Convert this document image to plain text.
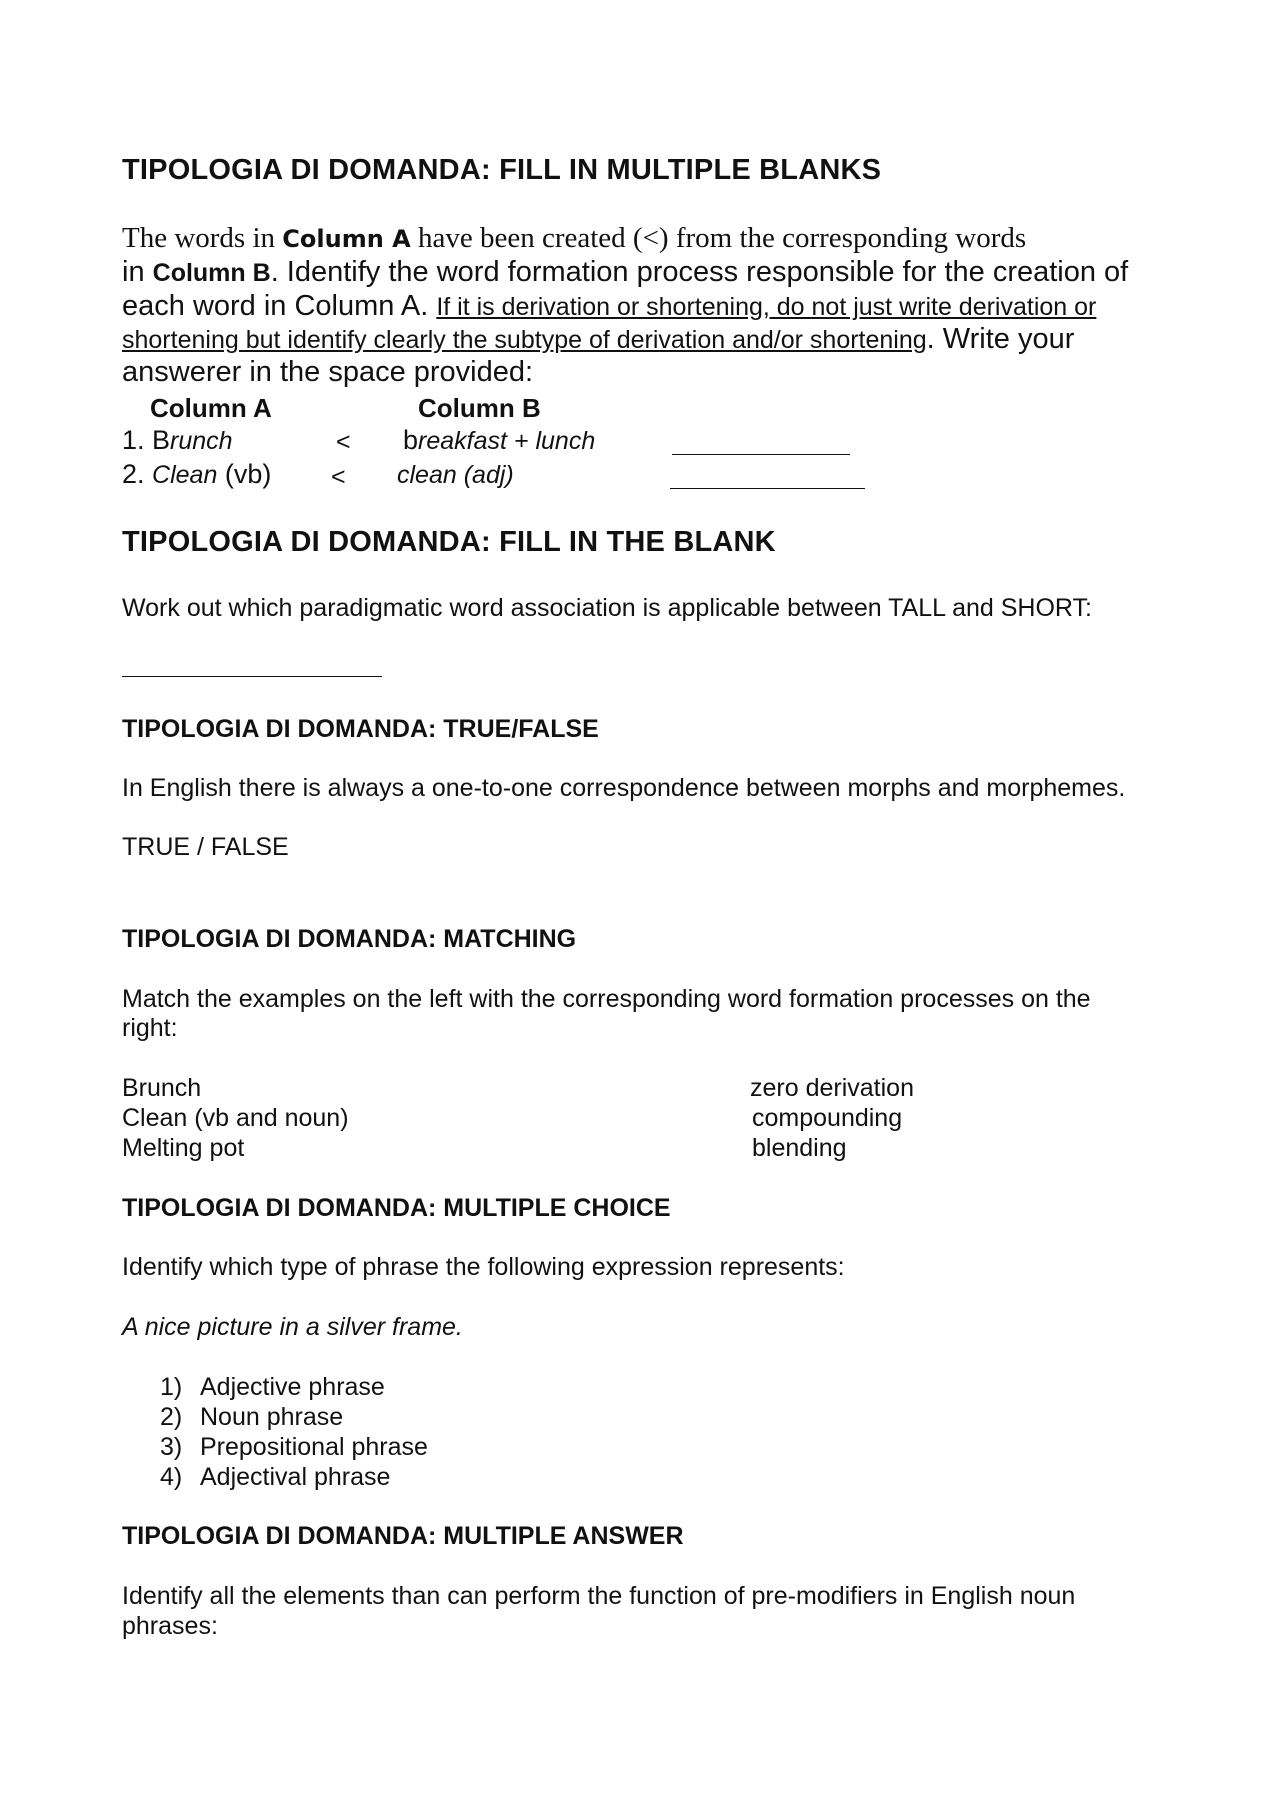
TIPOLOGIA DI DOMANDA: FILL IN MULTIPLE BLANKS
The words in Column A have been created (<) from the corresponding words
in Column B. Identify the word formation process responsible for the creation of
each word in Column A. If it is derivation or shortening, do not just write derivation or
shortening but identify clearly the subtype of derivation and/or shortening. Write your
answerer in the space provided:
Column A	Column B
1. Brunch	< breakfast + lunch
2. Clean (vb) < clean (adj)
TIPOLOGIA DI DOMANDA: FILL IN THE BLANK
Work out which paradigmatic word association is applicable between TALL and SHORT:
TIPOLOGIA DI DOMANDA: TRUE/FALSE
In English there is always a one-to-one correspondence between morphs and morphemes.
TRUE / FALSE
TIPOLOGIA DI DOMANDA: MATCHING
Match the examples on the left with the corresponding word formation processes on the
right:
Brunch
Clean (vb and noun)
Melting pot
zero derivation
compounding
blending
TIPOLOGIA DI DOMANDA: MULTIPLE CHOICE
Identify which type of phrase the following expression represents:
A nice picture in a silver frame.
1) Adjective phrase
2) Noun phrase
3) Prepositional phrase
4) Adjectival phrase
TIPOLOGIA DI DOMANDA: MULTIPLE ANSWER
Identify all the elements than can perform the function of pre-modifiers in English noun
phrases:
